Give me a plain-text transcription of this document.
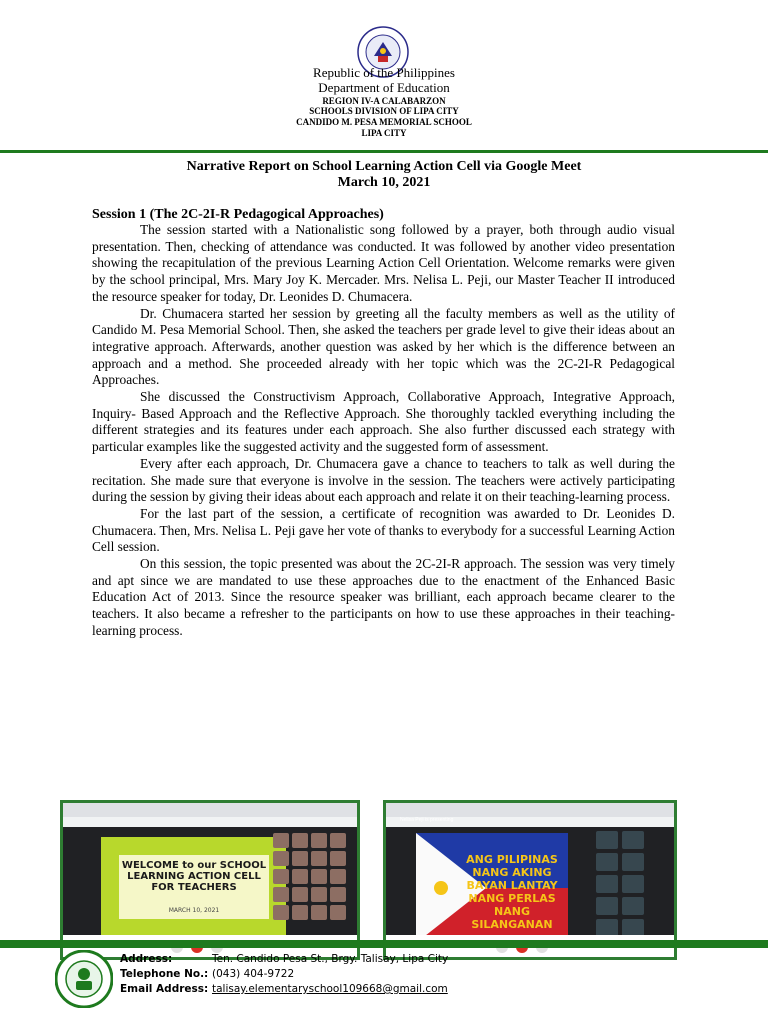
Republic of the Philippines
Department of Education
REGION IV-A CALABARZON
SCHOOLS DIVISION OF LIPA CITY
CANDIDO M. PESA MEMORIAL SCHOOL
LIPA CITY
Narrative Report on School Learning Action Cell via Google Meet
March 10, 2021
Session 1 (The 2C-2I-R Pedagogical Approaches)

The session started with a Nationalistic song followed by a prayer, both through audio visual presentation. Then, checking of attendance was conducted. It was followed by another video presentation showing the recapitulation of the previous Learning Action Cell Orientation. Welcome remarks were given by the school principal, Mrs. Mary Joy K. Mercader. Mrs. Nelisa L. Peji, our Master Teacher II introduced the resource speaker for today, Dr. Leonides D. Chumacera.

Dr. Chumacera started her session by greeting all the faculty members as well as the utility of Candido M. Pesa Memorial School. Then, she asked the teachers per grade level to give their ideas about an integrative approach. Afterwards, another question was asked by her which is the difference between an approach and a method. She proceeded already with her topic which was the 2C-2I-R Pedagogical Approaches.

She discussed the Constructivism Approach, Collaborative Approach, Integrative Approach, Inquiry- Based Approach and the Reflective Approach. She thoroughly tackled everything including the different strategies and its features under each approach. She also further discussed each strategy with particular examples like the suggested activity and the suggested form of assessment.

Every after each approach, Dr. Chumacera gave a chance to teachers to talk as well during the recitation. She made sure that everyone is involve in the session. The teachers were actively participating during the session by giving their ideas about each approach and relate it on their teaching-learning process.

For the last part of the session, a certificate of recognition was awarded to Dr. Leonides D. Chumacera. Then, Mrs. Nelisa L. Peji gave her vote of thanks to everybody for a successful Learning Action Cell session.

On this session, the topic presented was about the 2C-2I-R approach. The session was very timely and apt since we are mandated to use these approaches due to the enactment of the Enhanced Basic Education Act of 2013. Since the resource speaker was brilliant, each approach became clearer to the teachers. It also became a refresher to the participants on how to use these approaches in their teaching-learning process.

WELCOME to our SCHOOL LEARNING ACTION CELL FOR TEACHERS
MARCH 10, 2021
Nelisa Peji is presenting
ANG PILIPINAS NANG AKING BAYAN LANTAY NANG PERLAS NANG SILANGANAN
Address:	Ten. Candido Pesa St., Brgy. Talisay, Lipa City
Telephone No.: (043) 404-9722
Email Address: talisay.elementaryschool109668@gmail.com
